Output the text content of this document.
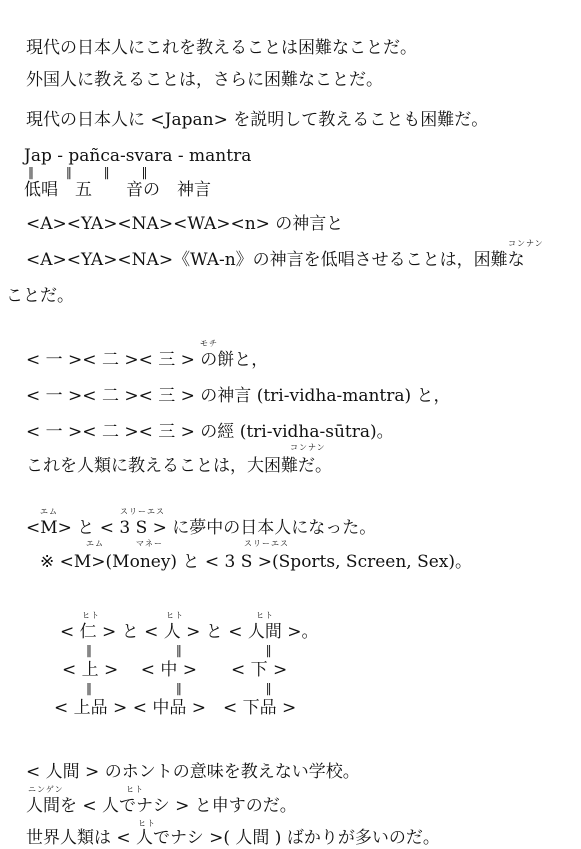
現代の日本人にこれを教えることは困難なことだ。

外国人に教えることは，さらに困難なことだ。

現代の日本人に <Japan> を説明して教えることも困難だ。

Jap - pañca-svara - mantra

‖　　 ‖　　 ‖　　 ‖

低唱　五　　音の　神言

<A><YA><NA><WA><n> の神言と

<A><YA><NA>《WA-n》の神言を低唱させることは，困難な

コンナン

ことだ。

モチ

< 一 >< 二 >< 三 > の餅と，

< 一 >< 二 >< 三 > の神言 (tri-vidha-mantra) と，

< 一 >< 二 >< 三 > の經 (tri-vidha-sūtra)。

コンナン

これを人類に教えることは，大困難だ。

エム	スリーエス

<M> と < 3 S > に夢中の日本人になった。

エム	マネー	スリーエス

※ <M>(Money) と < 3 S >(Sports, Screen, Sex)。

ヒト	ヒト	ヒト

< 仁 > と < 人 > と < 人間 >。

‖　　　　　　 ‖　　　　　　 ‖

< 上 >　 < 中 >　　< 下 >

‖　　　　　　 ‖　　　　　　 ‖

< 上品 > < 中品 >　< 下品 >

< 人間 > のホントの意味を教えない学校。

ニンゲン	ヒト

人間を < 人でナシ > と申すのだ。

ヒト

世界人類は < 人でナシ >( 人間 ) ばかりが多いのだ。
